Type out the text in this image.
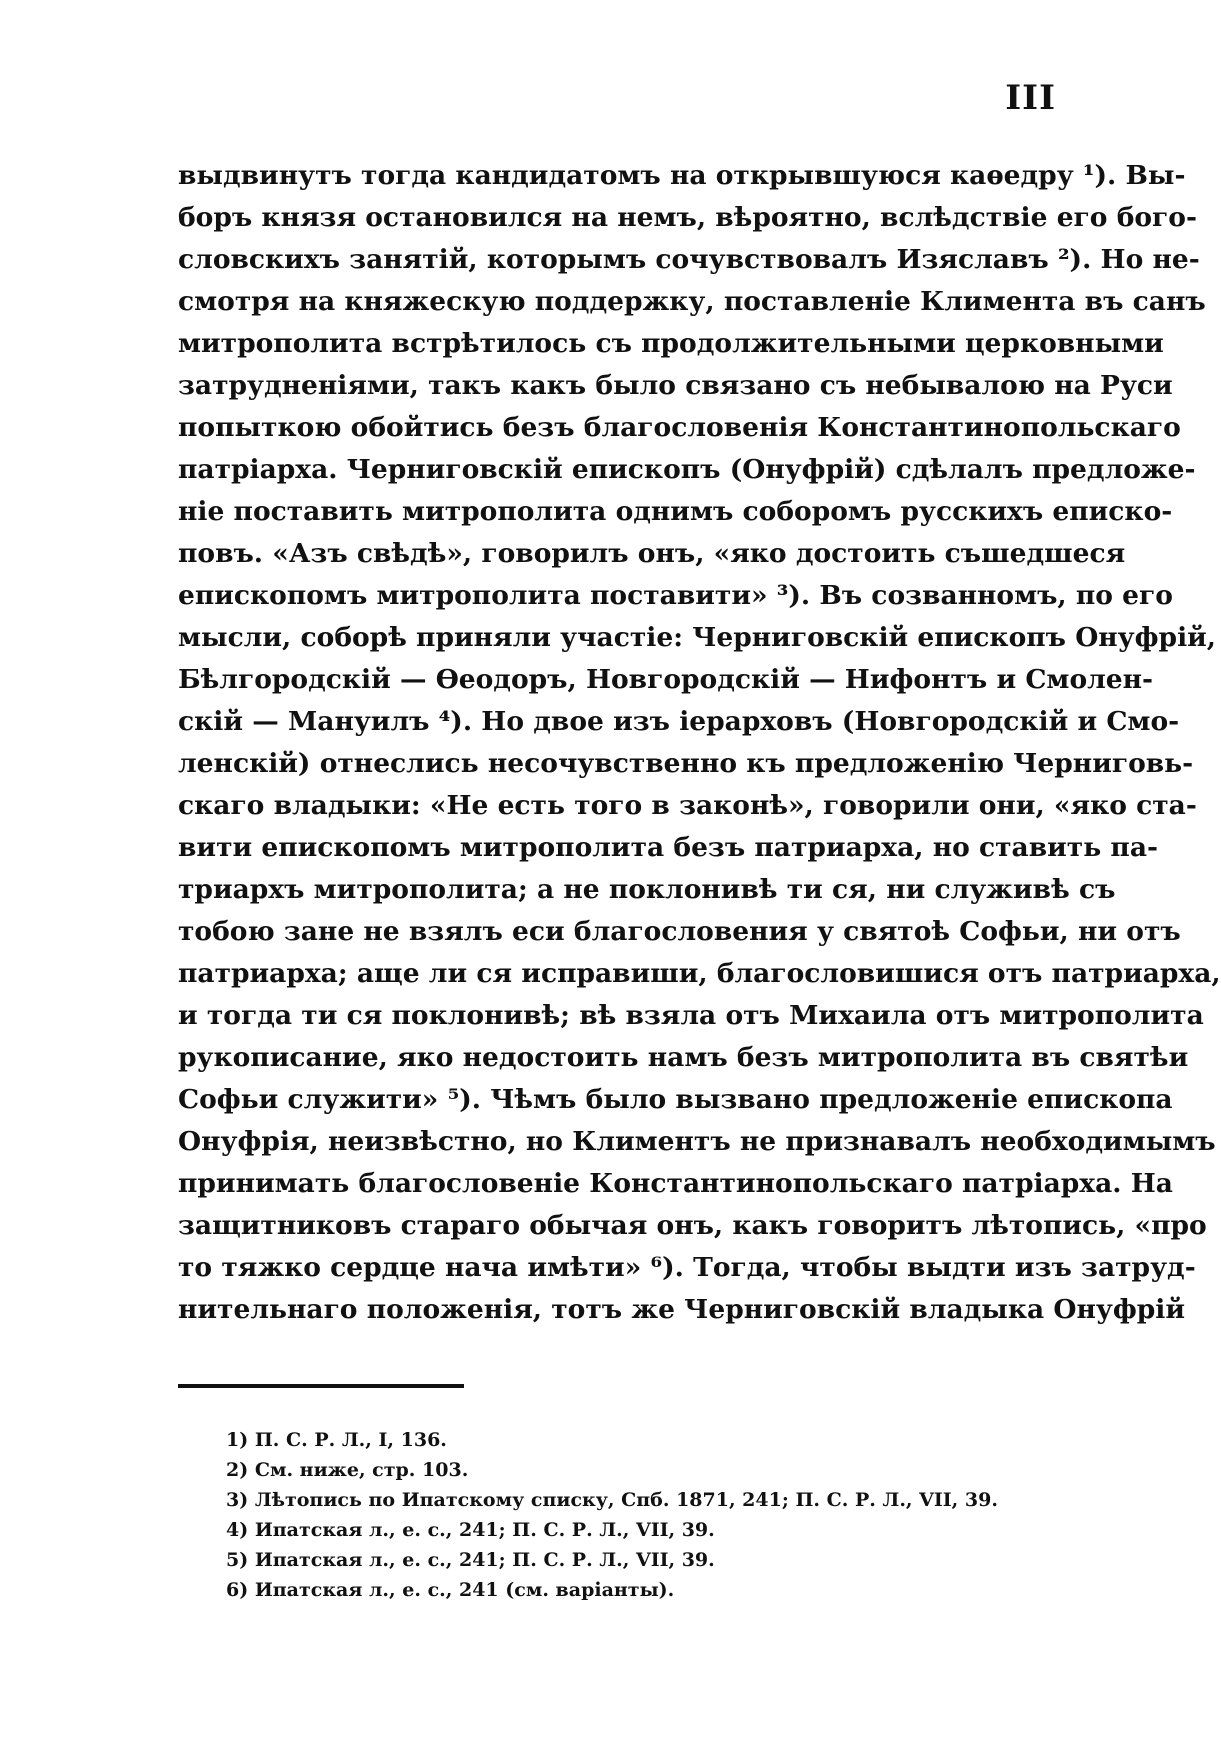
III
выдвинутъ тогда кандидатомъ на открывшуюся каѳедру ¹). Вы-
боръ князя остановился на немъ, вѣроятно, вслѣдствіе его бого-
словскихъ занятій, которымъ сочувствовалъ Изяславъ ²). Но не-
смотря на княжескую поддержку, поставленіе Климента въ санъ
митрополита встрѣтилось съ продолжительными церковными
затрудненіями, такъ какъ было связано съ небывалою на Руси
попыткою обойтись безъ благословенія Константинопольскаго
патріарха. Черниговскій епископъ (Онуфрій) сдѣлалъ предложе-
ніе поставить митрополита однимъ соборомъ русскихъ еписко-
повъ. «Азъ свѣдѣ», говорилъ онъ, «яко достоить съшедшеся
епископомъ митрополита поставити» ³). Въ созванномъ, по его
мысли, соборѣ приняли участіе: Черниговскій епископъ Онуфрій,
Бѣлгородскій — Ѳеодоръ, Новгородскій — Нифонтъ и Смолен-
скій — Мануилъ ⁴). Но двое изъ іерарховъ (Новгородскій и Смо-
ленскій) отнеслись несочувственно къ предложенію Черниговь-
скаго владыки: «Не есть того в законѣ», говорили они, «яко ста-
вити епископомъ митрополита безъ патриарха, но ставить па-
триархъ митрополита; а не поклонивѣ ти ся, ни служивѣ съ
тобою зане не взялъ еси благословения у святоѣ Софьи, ни отъ
патриарха; аще ли ся исправиши, благословишися отъ патриарха,
и тогда ти ся поклонивѣ; вѣ взяла отъ Михаила отъ митрополита
рукописание, яко недостоить намъ безъ митрополита въ святѣи
Софьи служити» ⁵). Чѣмъ было вызвано предложеніе епископа
Онуфрія, неизвѣстно, но Климентъ не признавалъ необходимымъ
принимать благословеніе Константинопольскаго патріарха. На
защитниковъ стараго обычая онъ, какъ говоритъ лѣтопись, «про
то тяжко сердце нача имѣти» ⁶). Тогда, чтобы выдти изъ затруд-
нительнаго положенія, тотъ же Черниговскій владыка Онуфрій
1) П. С. Р. Л., I, 136.
2) См. ниже, стр. 103.
3) Лѣтопись по Ипатскому списку, Спб. 1871, 241; П. С. Р. Л., VII, 39.
4) Ипатская л., е. с., 241; П. С. Р. Л., VII, 39.
5) Ипатская л., е. с., 241; П. С. Р. Л., VII, 39.
6) Ипатская л., е. с., 241 (см. варіанты).
